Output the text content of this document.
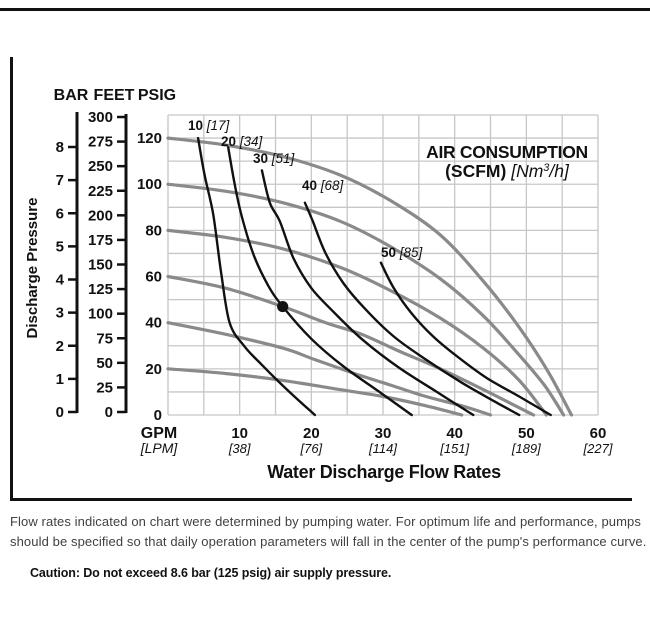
10 [17]
20 [34]
30 [51]
40 [68]
50 [85]
AIR CONSUMPTION
(SCFM) [Nm$^3$/h]
BAR
0
1
2
3
4
5
6
7
8
FEET
0
25
50
75
100
125
150
175
200
225
250
275
300
PSIG
0
20
40
60
80
100
120
GPM
[LPM]
10
[38]
20
[76]
30
[114]
40
[151]
50
[189]
60
[227]
Water Discharge Flow Rates
Discharge Pressure
Flow rates indicated on chart were determined by pumping water. For optimum life and performance, pumps
should be specified so that daily operation parameters will fall in the center of the pump's performance curve.
Caution: Do not exceed 8.6 bar (125 psig) air supply pressure.
